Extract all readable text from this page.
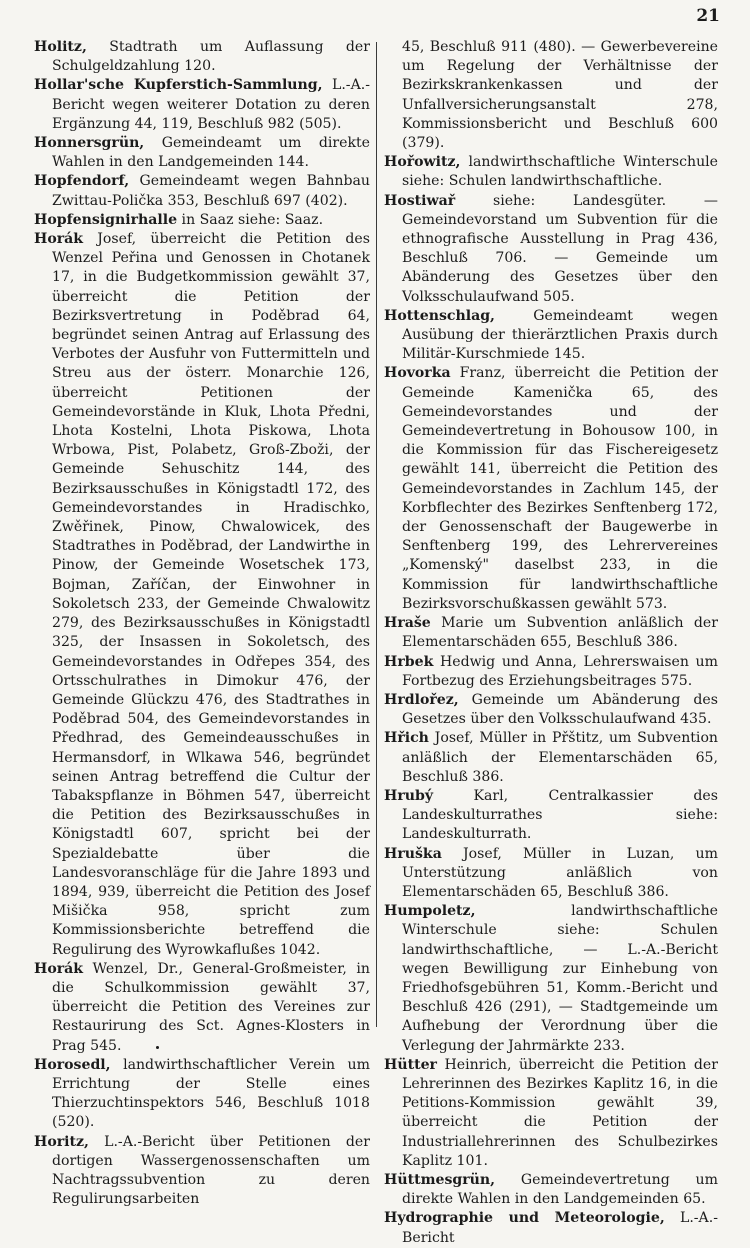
21
Holitz, Stadtrath um Auflassung der Schulgeldzahlung 120.
Hollar'sche Kupferstich-Sammlung, L.-A.-Bericht wegen weiterer Dotation zu deren Ergänzung 44, 119, Beschluß 982 (505).
Honnersgrün, Gemeindeamt um direkte Wahlen in den Landgemeinden 144.
Hopfendorf, Gemeindeamt wegen Bahnbau Zwittau-Polička 353, Beschluß 697 (402).
Hopfensignirhalle in Saaz siehe: Saaz.
Horák Josef, überreicht die Petition des Wenzel Peřina und Genossen in Chotanek 17, in die Budgetkommission gewählt 37, überreicht die Petition der Bezirksvertretung in Poděbrad 64, begründet seinen Antrag auf Erlassung des Verbotes der Ausfuhr von Futtermitteln und Streu aus der österr. Monarchie 126, überreicht Petitionen der Gemeindevorstände in Kluk, Lhota Předni, Lhota Kostelni, Lhota Piskowa, Lhota Wrbowa, Pist, Polabetz, Groß-Zboži, der Gemeinde Sehuschitz 144, des Bezirksausschußes in Königstadtl 172, des Gemeindevorstandes in Hradischko, Zwěřinek, Pinow, Chwalowicek, des Stadtrathes in Poděbrad, der Landwirthe in Pinow, der Gemeinde Wosetschek 173, Bojman, Zaříčan, der Einwohner in Sokoletsch 233, der Gemeinde Chwalowitz 279, des Bezirksausschußes in Königstadtl 325, der Insassen in Sokoletsch, des Gemeindevorstandes in Odřepes 354, des Ortsschulrathes in Dimokur 476, der Gemeinde Glückzu 476, des Stadtrathes in Poděbrad 504, des Gemeindevorstandes in Předhrad, des Gemeindeausschußes in Hermansdorf, in Wlkawa 546, begründet seinen Antrag betreffend die Cultur der Tabakspflanze in Böhmen 547, überreicht die Petition des Bezirksausschußes in Königstadtl 607, spricht bei der Spezialdebatte über die Landesvoranschläge für die Jahre 1893 und 1894, 939, überreicht die Petition des Josef Mišička 958, spricht zum Kommissionsberichte betreffend die Regulirung des Wyrowkaflußes 1042.
Horák Wenzel, Dr., General-Großmeister, in die Schulkommission gewählt 37, überreicht die Petition des Vereines zur Restaurirung des Sct. Agnes-Klosters in Prag 545.
Horosedl, landwirthschaftlicher Verein um Errichtung der Stelle eines Thierzuchtinspektors 546, Beschluß 1018 (520).
Horitz, L.-A.-Bericht über Petitionen der dortigen Wassergenossenschaften um Nachtragssubvention zu deren Regulirungsarbeiten
45, Beschluß 911 (480). — Gewerbevereine um Regelung der Verhältnisse der Bezirkskrankenkassen und der Unfallversicherungsanstalt 278, Kommissionsbericht und Beschluß 600 (379).
Hořowitz, landwirthschaftliche Winterschule siehe: Schulen landwirthschaftliche.
Hostiwař siehe: Landesgüter. — Gemeindevorstand um Subvention für die ethnografische Ausstellung in Prag 436, Beschluß 706. — Gemeinde um Abänderung des Gesetzes über den Volksschulaufwand 505.
Hottenschlag, Gemeindeamt wegen Ausübung der thierärztlichen Praxis durch Militär-Kurschmiede 145.
Hovorka Franz, überreicht die Petition der Gemeinde Kamenička 65, des Gemeindevorstandes und der Gemeindevertretung in Bohousow 100, in die Kommission für das Fischereigesetz gewählt 141, überreicht die Petition des Gemeindevorstandes in Zachlum 145, der Korbflechter des Bezirkes Senftenberg 172, der Genossenschaft der Baugewerbe in Senftenberg 199, des Lehrervereines „Komenský" daselbst 233, in die Kommission für landwirthschaftliche Bezirksvorschußkassen gewählt 573.
Hraše Marie um Subvention anläßlich der Elementarschäden 655, Beschluß 386.
Hrbek Hedwig und Anna, Lehrerswaisen um Fortbezug des Erziehungsbeitrages 575.
Hrdlořez, Gemeinde um Abänderung des Gesetzes über den Volksschulaufwand 435.
Hřich Josef, Müller in Přštitz, um Subvention anläßlich der Elementarschäden 65, Beschluß 386.
Hrubý Karl, Centralkassier des Landeskulturrathes siehe: Landeskulturrath.
Hruška Josef, Müller in Luzan, um Unterstützung anläßlich von Elementarschäden 65, Beschluß 386.
Humpoletz, landwirthschaftliche Winterschule siehe: Schulen landwirthschaftliche, — L.-A.-Bericht wegen Bewilligung zur Einhebung von Friedhofsgebühren 51, Komm.-Bericht und Beschluß 426 (291), — Stadtgemeinde um Aufhebung der Verordnung über die Verlegung der Jahrmärkte 233.
Hütter Heinrich, überreicht die Petition der Lehrerinnen des Bezirkes Kaplitz 16, in die Petitions-Kommission gewählt 39, überreicht die Petition der Industriallehrerinnen des Schulbezirkes Kaplitz 101.
Hüttmesgrün, Gemeindevertretung um direkte Wahlen in den Landgemeinden 65.
Hydrographie und Meteorologie, L.-A.-Bericht
